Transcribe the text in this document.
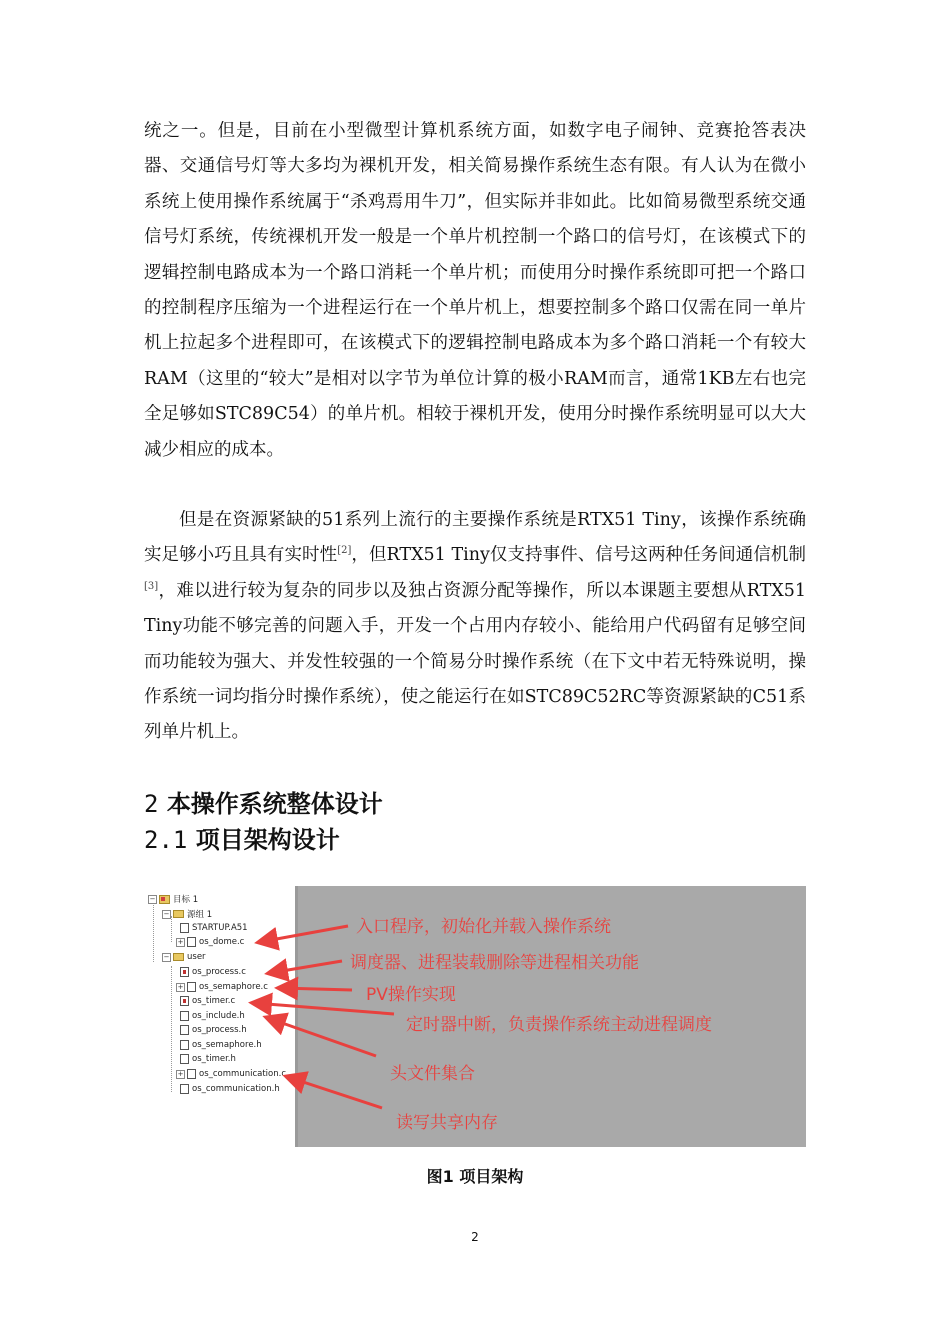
统之一。但是，目前在小型微型计算机系统方面，如数字电子闹钟、竞赛抢答表决器、交通信号灯等大多均为裸机开发，相关简易操作系统生态有限。有人认为在微小系统上使用操作系统属于“杀鸡焉用牛刀”，但实际并非如此。比如简易微型系统交通信号灯系统，传统裸机开发一般是一个单片机控制一个路口的信号灯，在该模式下的逻辑控制电路成本为一个路口消耗一个单片机；而使用分时操作系统即可把一个路口的控制程序压缩为一个进程运行在一个单片机上，想要控制多个路口仅需在同一单片机上拉起多个进程即可，在该模式下的逻辑控制电路成本为多个路口消耗一个有较大RAM（这里的“较大”是相对以字节为单位计算的极小RAM而言，通常1KB左右也完全足够如STC89C54）的单片机。相较于裸机开发，使用分时操作系统明显可以大大减少相应的成本。

但是在资源紧缺的51系列上流行的主要操作系统是RTX51 Tiny，该操作系统确实足够小巧且具有实时性[2]，但RTX51 Tiny仅支持事件、信号这两种任务间通信机制[3]，难以进行较为复杂的同步以及独占资源分配等操作，所以本课题主要想从RTX51 Tiny功能不够完善的问题入手，开发一个占用内存较小、能给用户代码留有足够空间而功能较为强大、并发性较强的一个简易分时操作系统（在下文中若无特殊说明，操作系统一词均指分时操作系统），使之能运行在如STC89C52RC等资源紧缺的C51系列单片机上。

2 本操作系统整体设计
2.1 项目架构设计
− 目标 1
− 源组 1
STARTUP.A51
+ os_dome.c
− user
os_process.c
+ os_semaphore.c
os_timer.c
os_include.h
os_process.h
os_semaphore.h
os_timer.h
+ os_communication.c
os_communication.h
入口程序，初始化并载入操作系统
调度器、进程装载删除等进程相关功能
PV操作实现
定时器中断，负责操作系统主动进程调度
头文件集合
读写共享内存
图1 项目架构
2
